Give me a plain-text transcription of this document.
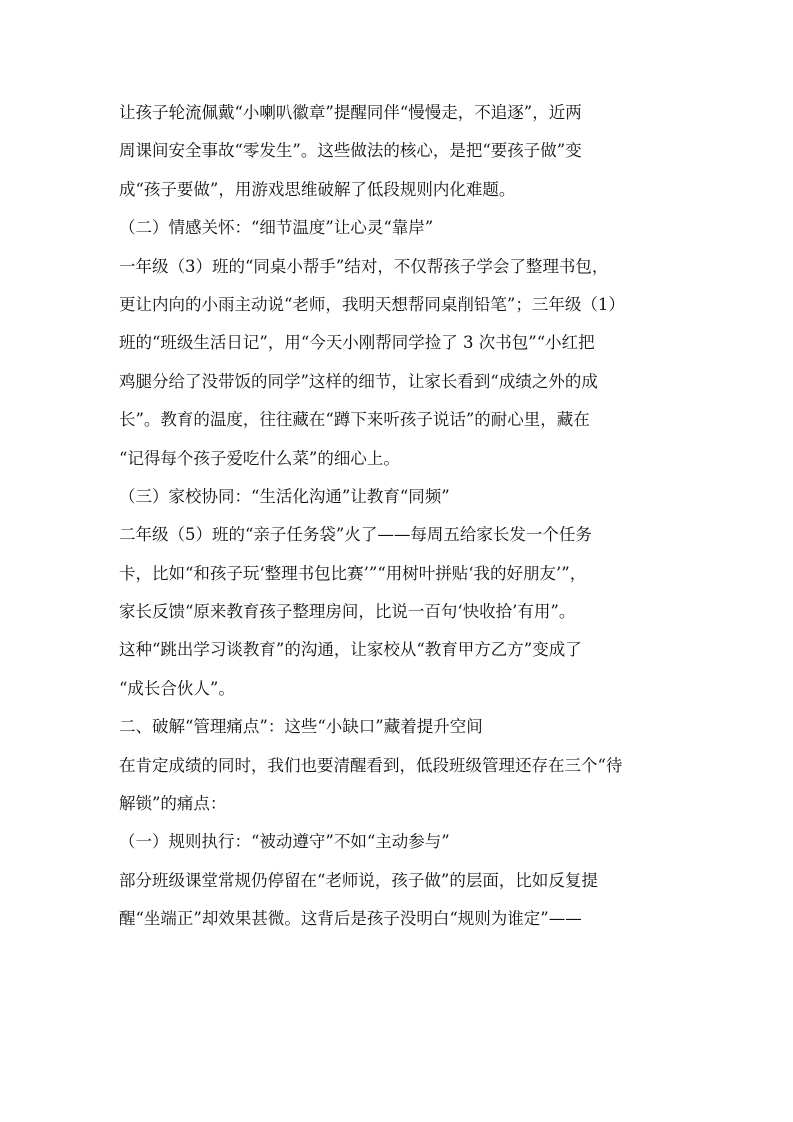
让孩子轮流佩戴“小喇叭徽章”提醒同伴“慢慢走，不追逐”，近两
周课间安全事故“零发生”。这些做法的核心，是把“要孩子做”变
成“孩子要做”，用游戏思维破解了低段规则内化难题。
（二）情感关怀：“细节温度”让心灵“靠岸”
一年级（3）班的“同桌小帮手”结对，不仅帮孩子学会了整理书包，
更让内向的小雨主动说“老师，我明天想帮同桌削铅笔”；三年级（1）
班的“班级生活日记”，用“今天小刚帮同学捡了 3 次书包”“小红把
鸡腿分给了没带饭的同学”这样的细节，让家长看到“成绩之外的成
长”。教育的温度，往往藏在“蹲下来听孩子说话”的耐心里，藏在
“记得每个孩子爱吃什么菜”的细心上。
（三）家校协同：“生活化沟通”让教育“同频”
二年级（5）班的“亲子任务袋”火了——每周五给家长发一个任务
卡，比如“和孩子玩‘整理书包比赛’”“用树叶拼贴‘我的好朋友’”，
家长反馈“原来教育孩子整理房间，比说一百句‘快收拾’有用”。
这种“跳出学习谈教育”的沟通，让家校从“教育甲方乙方”变成了
“成长合伙人”。
二、破解“管理痛点”：这些“小缺口”藏着提升空间
在肯定成绩的同时，我们也要清醒看到，低段班级管理还存在三个“待
解锁”的痛点：
（一）规则执行：“被动遵守”不如“主动参与”
部分班级课堂常规仍停留在“老师说，孩子做”的层面，比如反复提
醒“坐端正”却效果甚微。这背后是孩子没明白“规则为谁定”——
